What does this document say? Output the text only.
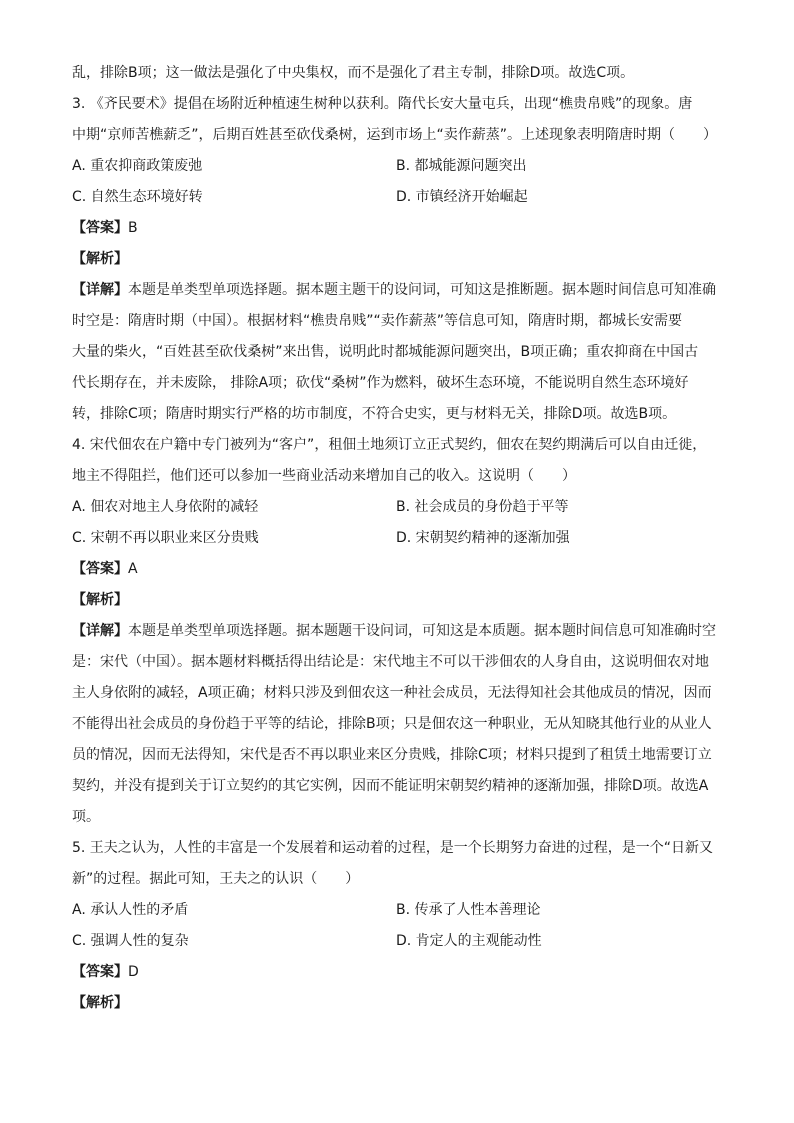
乱，排除B项；这一做法是强化了中央集权，而不是强化了君主专制，排除D项。故选C项。

3. 《齐民要术》提倡在场附近种植速生树种以获利。隋代长安大量屯兵，出现“樵贵帛贱”的现象。唐

中期“京师苦樵薪乏”，后期百姓甚至砍伐桑树，运到市场上“卖作薪蒸”。上述现象表明隋唐时期（　　）

A. 重农抑商政策废弛	B. 都城能源问题突出
C. 自然生态环境好转	D. 市镇经济开始崛起

【答案】B

【解析】

【详解】本题是单类型单项选择题。据本题主题干的设问词，可知这是推断题。据本题时间信息可知准确

时空是：隋唐时期（中国）。根据材料“樵贵帛贱”“卖作薪蒸”等信息可知，隋唐时期，都城长安需要

大量的柴火，“百姓甚至砍伐桑树”来出售，说明此时都城能源问题突出，B项正确；重农抑商在中国古

代长期存在，并未废除， 排除A项；砍伐“桑树”作为燃料，破坏生态环境，不能说明自然生态环境好

转，排除C项；隋唐时期实行严格的坊市制度，不符合史实，更与材料无关，排除D项。故选B项。

4. 宋代佃农在户籍中专门被列为“客户”，租佃土地须订立正式契约，佃农在契约期满后可以自由迁徙，

地主不得阻拦，他们还可以参加一些商业活动来增加自己的收入。这说明（　　）

A. 佃农对地主人身依附的减轻	B. 社会成员的身份趋于平等
C. 宋朝不再以职业来区分贵贱	D. 宋朝契约精神的逐渐加强

【答案】A

【解析】

【详解】本题是单类型单项选择题。据本题题干设问词，可知这是本质题。据本题时间信息可知准确时空

是：宋代（中国）。据本题材料概括得出结论是：宋代地主不可以干涉佃农的人身自由，这说明佃农对地

主人身依附的减轻，A项正确；材料只涉及到佃农这一种社会成员，无法得知社会其他成员的情况，因而

不能得出社会成员的身份趋于平等的结论，排除B项；只是佃农这一种职业，无从知晓其他行业的从业人

员的情况，因而无法得知，宋代是否不再以职业来区分贵贱，排除C项；材料只提到了租赁土地需要订立

契约，并没有提到关于订立契约的其它实例，因而不能证明宋朝契约精神的逐渐加强，排除D项。故选A

项。

5. 王夫之认为，人性的丰富是一个发展着和运动着的过程，是一个长期努力奋进的过程，是一个“日新又

新”的过程。据此可知，王夫之的认识（　　）

A. 承认人性的矛盾	B. 传承了人性本善理论
C. 强调人性的复杂	D. 肯定人的主观能动性

【答案】D

【解析】
